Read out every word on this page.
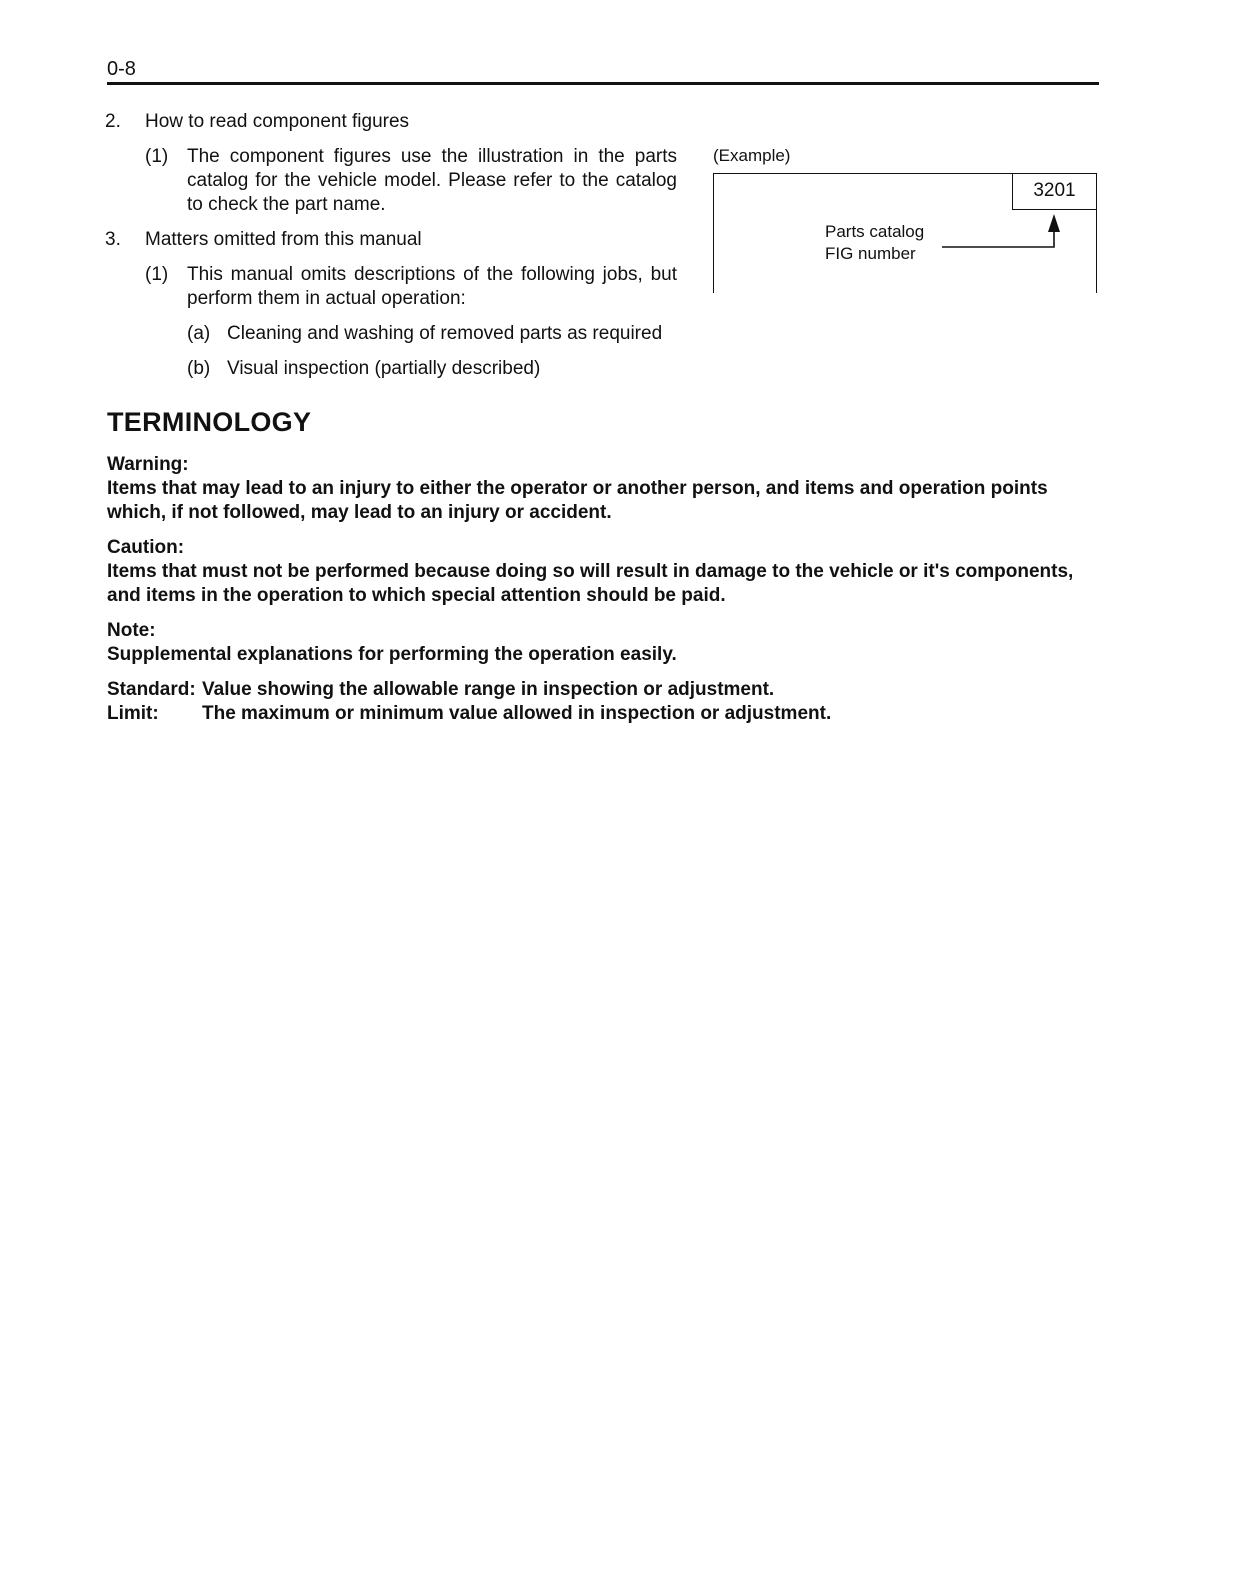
0-8
2. How to read component figures
(1) The component figures use the illustration in the parts catalog for the vehicle model. Please refer to the catalog to check the part name.
3. Matters omitted from this manual
(1) This manual omits descriptions of the following jobs, but perform them in actual operation:
(a) Cleaning and washing of removed parts as required
(b) Visual inspection (partially described)
(Example)
3201
Parts catalog
FIG number
TERMINOLOGY
Warning:
Items that may lead to an injury to either the operator or another person, and items and operation points
which, if not followed, may lead to an injury or accident.
Caution:
Items that must not be performed because doing so will result in damage to the vehicle or it's components,
and items in the operation to which special attention should be paid.
Note:
Supplemental explanations for performing the operation easily.
Standard: Value showing the allowable range in inspection or adjustment.
Limit: The maximum or minimum value allowed in inspection or adjustment.
